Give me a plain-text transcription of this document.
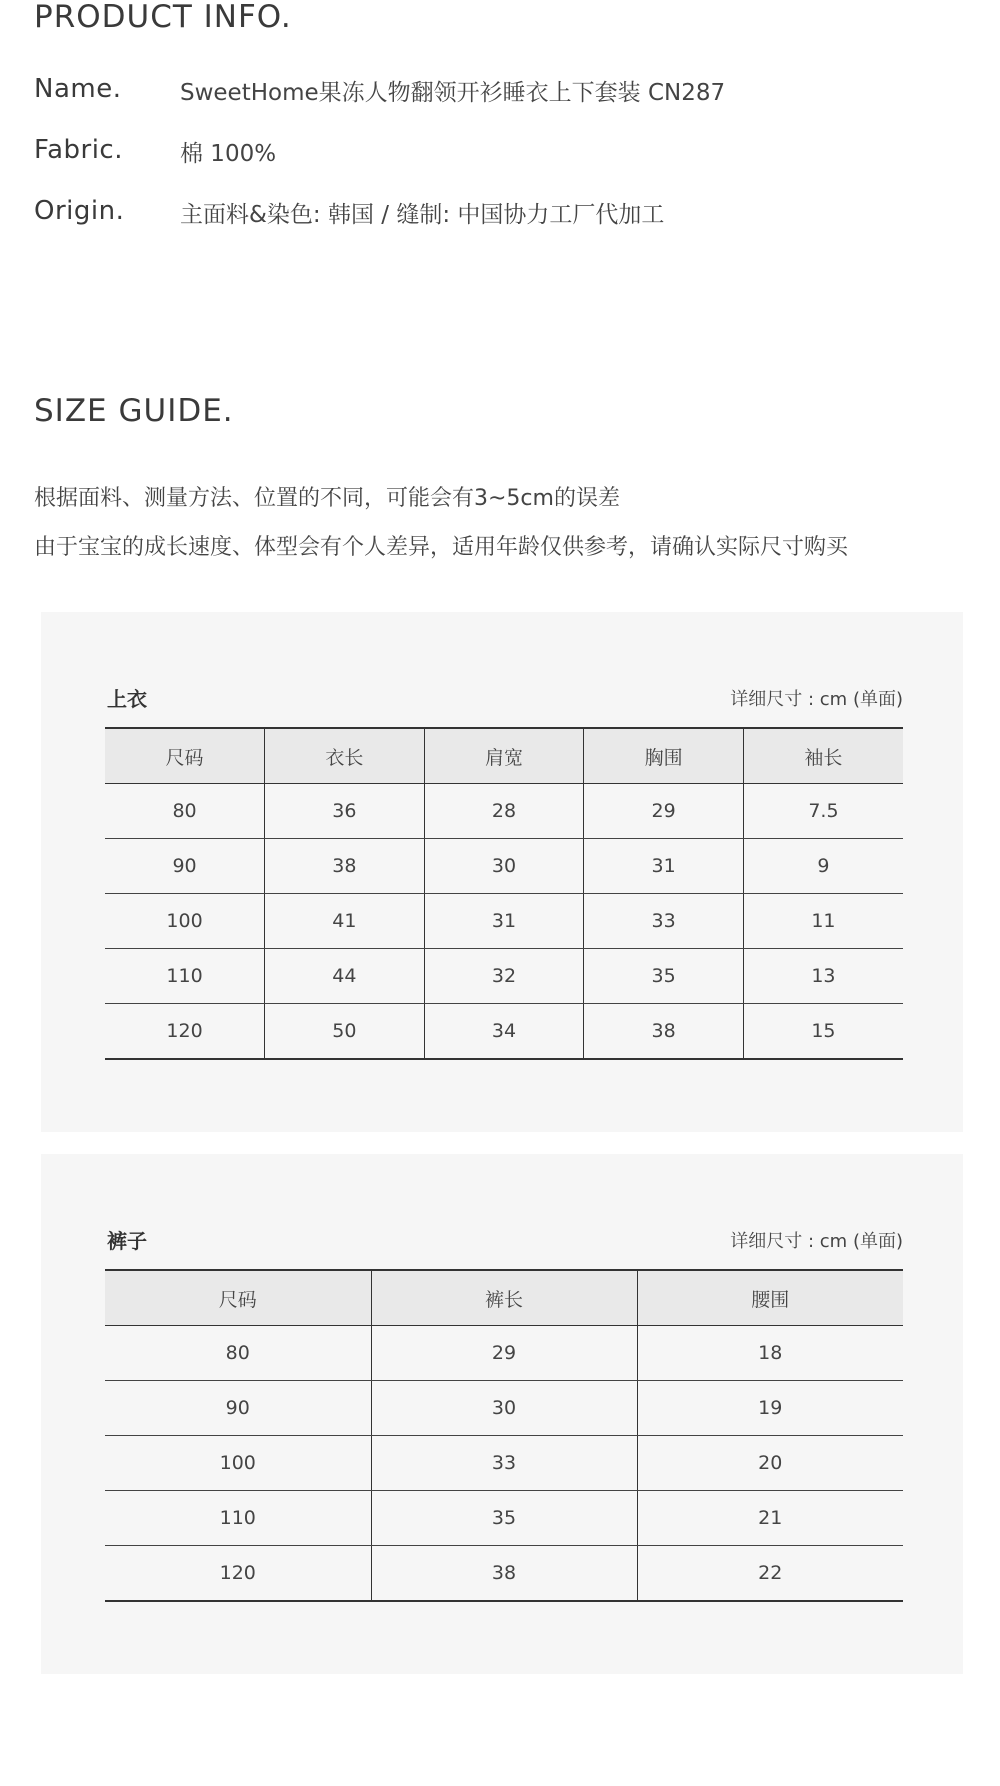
PRODUCT INFO.
Name.	SweetHome果冻人物翻领开衫睡衣上下套装 CN287
Fabric. 棉 100%
Origin. 主面料&染色: 韩国 / 缝制: 中国协力工厂代加工
SIZE GUIDE.
根据面料、测量方法、位置的不同，可能会有3~5cm的误差
由于宝宝的成长速度、体型会有个人差异，适用年龄仅供参考，请确认实际尺寸购买
上衣	详细尺寸 : cm (单面)
尺码	衣长	肩宽	胸围	袖长
80	36	28	29	7.5
90	38	30	31	9
100	41	31	33	11
110	44	32	35	13
120	50	34	38	15
裤子	详细尺寸 : cm (单面)
尺码	裤长	腰围
80	29	18
90	30	19
100	33	20
110	35	21
120	38	22
